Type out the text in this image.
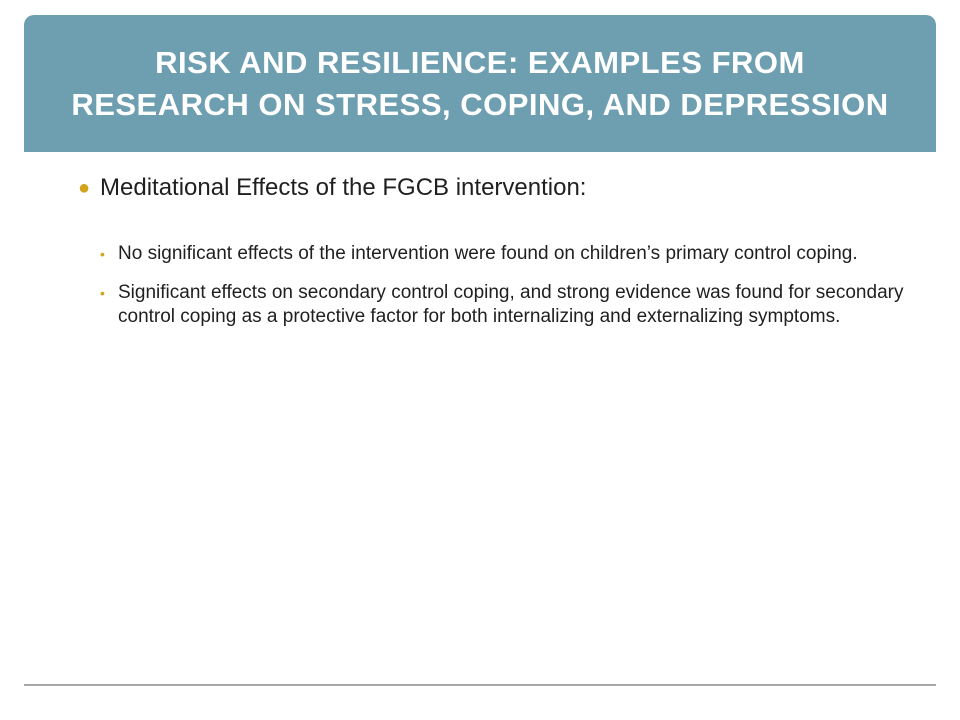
RISK AND RESILIENCE: EXAMPLES FROM RESEARCH ON STRESS, COPING, AND DEPRESSION
● Meditational Effects of the FGCB intervention:
• No significant effects of the intervention were found on children’s primary control coping.
• Significant effects on secondary control coping, and strong evidence was found for secondary control coping as a protective factor for both internalizing and externalizing symptoms.
